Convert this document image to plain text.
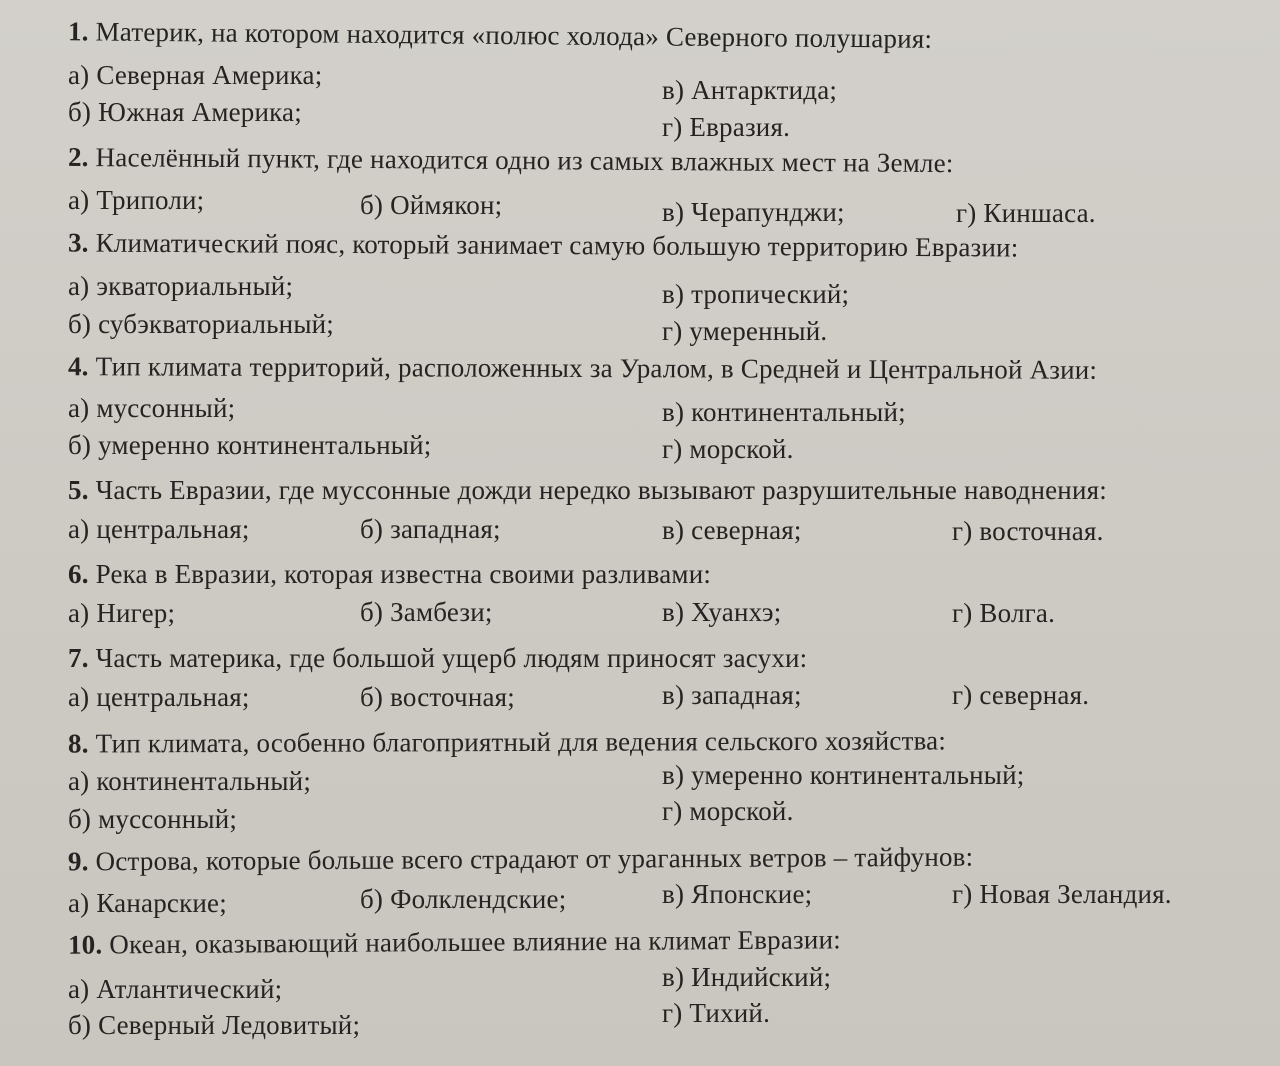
1. Материк, на котором находится «полюс холода» Северного полушария:
а) Северная Америка;
б) Южная Америка;
в) Антарктида;
г) Евразия.
2. Населённый пункт, где находится одно из самых влажных мест на Земле:
а) Триполи;	б) Оймякон;	в) Черапунджи;	г) Киншаса.
3. Климатический пояс, который занимает самую большую территорию Евразии:
а) экваториальный;
б) субэкваториальный;
в) тропический;
г) умеренный.
4. Тип климата территорий, расположенных за Уралом, в Средней и Центральной Азии:
а) муссонный;
б) умеренно континентальный;
в) континентальный;
г) морской.
5. Часть Евразии, где муссонные дожди нередко вызывают разрушительные наводнения:
а) центральная;	б) западная;	в) северная;	г) восточная.
6. Река в Евразии, которая известна своими разливами:
а) Нигер;	б) Замбези;	в) Хуанхэ;	г) Волга.
7. Часть материка, где большой ущерб людям приносят засухи:
а) центральная;	б) восточная;	в) западная;	г) северная.
8. Тип климата, особенно благоприятный для ведения сельского хозяйства:
а) континентальный;
б) муссонный;
в) умеренно континентальный;
г) морской.
9. Острова, которые больше всего страдают от ураганных ветров – тайфунов:
а) Канарские;	б) Фолклендские;	в) Японские;	г) Новая Зеландия.
10. Океан, оказывающий наибольшее влияние на климат Евразии:
а) Атлантический;
б) Северный Ледовитый;
в) Индийский;
г) Тихий.
